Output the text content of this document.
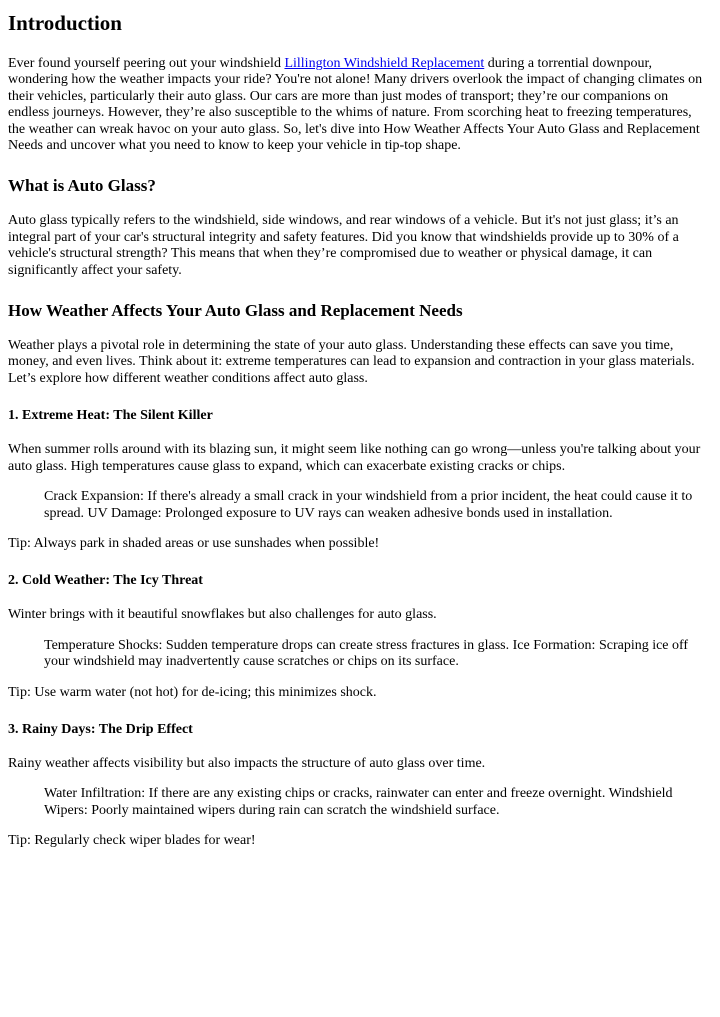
Introduction

Ever found yourself peering out your windshield Lillington Windshield Replacement during a torrential downpour, wondering how the weather impacts your ride? You're not alone! Many drivers overlook the impact of changing climates on their vehicles, particularly their auto glass. Our cars are more than just modes of transport; they’re our companions on endless journeys. However, they’re also susceptible to the whims of nature. From scorching heat to freezing temperatures, the weather can wreak havoc on your auto glass. So, let's dive into How Weather Affects Your Auto Glass and Replacement Needs and uncover what you need to know to keep your vehicle in tip-top shape.

What is Auto Glass?

Auto glass typically refers to the windshield, side windows, and rear windows of a vehicle. But it's not just glass; it’s an integral part of your car's structural integrity and safety features. Did you know that windshields provide up to 30% of a vehicle's structural strength? This means that when they’re compromised due to weather or physical damage, it can significantly affect your safety.

How Weather Affects Your Auto Glass and Replacement Needs

Weather plays a pivotal role in determining the state of your auto glass. Understanding these effects can save you time, money, and even lives. Think about it: extreme temperatures can lead to expansion and contraction in your glass materials. Let’s explore how different weather conditions affect auto glass.

1. Extreme Heat: The Silent Killer

When summer rolls around with its blazing sun, it might seem like nothing can go wrong—unless you're talking about your auto glass. High temperatures cause glass to expand, which can exacerbate existing cracks or chips.

Crack Expansion: If there's already a small crack in your windshield from a prior incident, the heat could cause it to spread. UV Damage: Prolonged exposure to UV rays can weaken adhesive bonds used in installation.

Tip: Always park in shaded areas or use sunshades when possible!

2. Cold Weather: The Icy Threat

Winter brings with it beautiful snowflakes but also challenges for auto glass.

Temperature Shocks: Sudden temperature drops can create stress fractures in glass. Ice Formation: Scraping ice off your windshield may inadvertently cause scratches or chips on its surface.

Tip: Use warm water (not hot) for de-icing; this minimizes shock.

3. Rainy Days: The Drip Effect

Rainy weather affects visibility but also impacts the structure of auto glass over time.

Water Infiltration: If there are any existing chips or cracks, rainwater can enter and freeze overnight. Windshield Wipers: Poorly maintained wipers during rain can scratch the windshield surface.

Tip: Regularly check wiper blades for wear!
